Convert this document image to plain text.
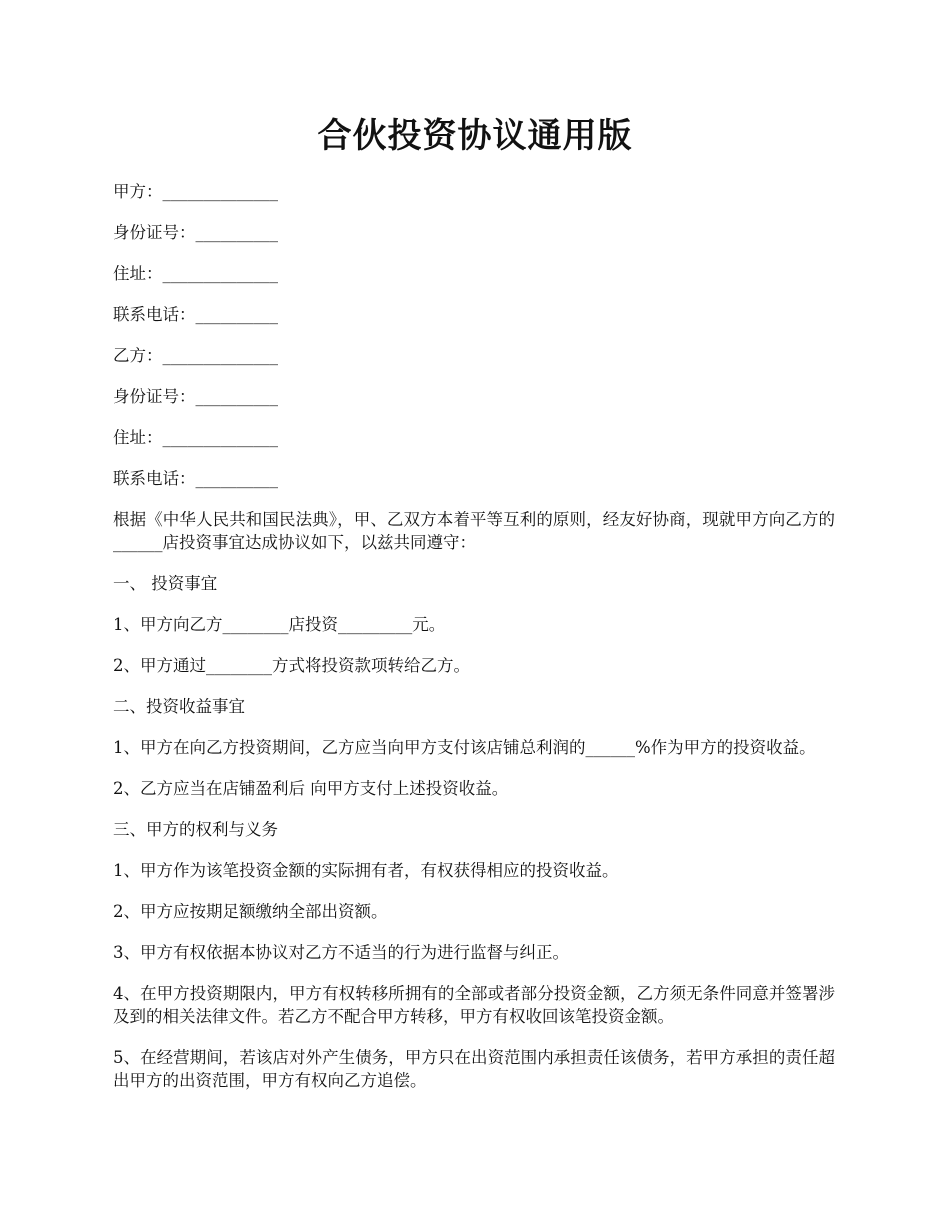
合伙投资协议通用版
甲方：______________
身份证号：__________
住址：______________
联系电话：__________
乙方：______________
身份证号：__________
住址：______________
联系电话：__________
根据《中华人民共和国民法典》，甲、乙双方本着平等互利的原则，经友好协商，现就甲方向乙方的______店投资事宜达成协议如下，以兹共同遵守：
一、 投资事宜
1、甲方向乙方________店投资_________元。
2、甲方通过________方式将投资款项转给乙方。
二、投资收益事宜
1、甲方在向乙方投资期间，乙方应当向甲方支付该店铺总利润的______%作为甲方的投资收益。
2、乙方应当在店铺盈利后 向甲方支付上述投资收益。
三、甲方的权利与义务
1、甲方作为该笔投资金额的实际拥有者，有权获得相应的投资收益。
2、甲方应按期足额缴纳全部出资额。
3、甲方有权依据本协议对乙方不适当的行为进行监督与纠正。
4、在甲方投资期限内，甲方有权转移所拥有的全部或者部分投资金额，乙方须无条件同意并签署涉及到的相关法律文件。若乙方不配合甲方转移，甲方有权收回该笔投资金额。
5、在经营期间，若该店对外产生债务，甲方只在出资范围内承担责任该债务，若甲方承担的责任超出甲方的出资范围，甲方有权向乙方追偿。
